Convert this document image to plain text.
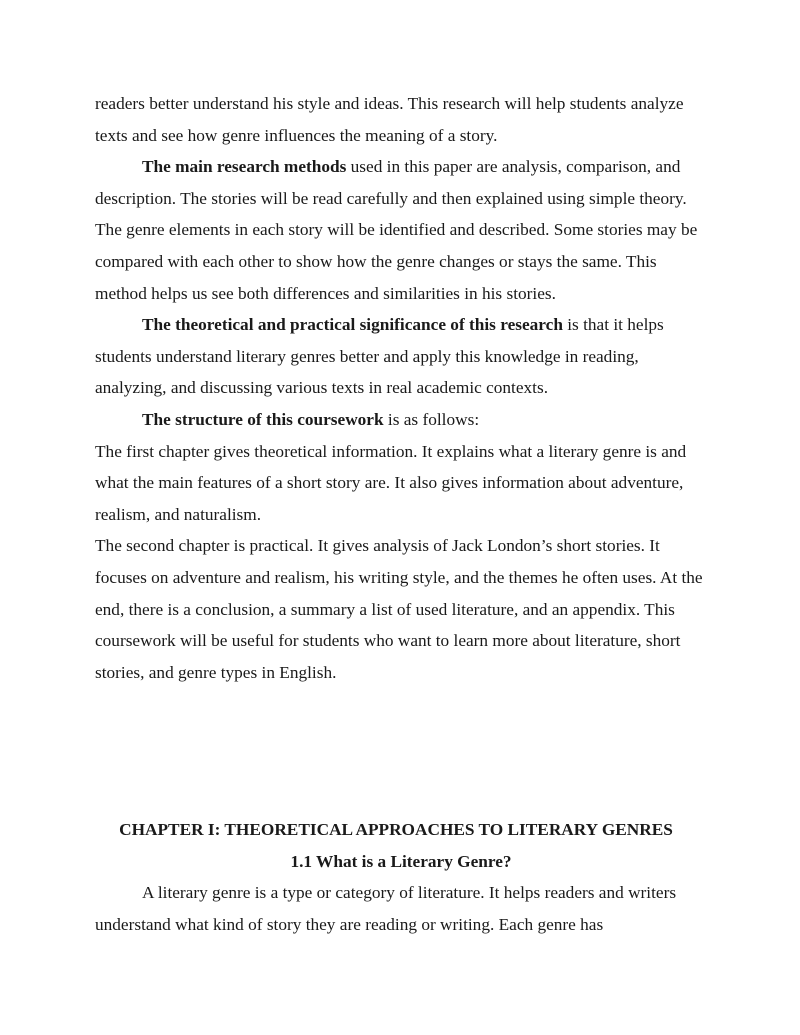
readers better understand his style and ideas. This research will help students analyze texts and see how genre influences the meaning of a story.

The main research methods used in this paper are analysis, comparison, and description. The stories will be read carefully and then explained using simple theory. The genre elements in each story will be identified and described. Some stories may be compared with each other to show how the genre changes or stays the same. This method helps us see both differences and similarities in his stories.

The theoretical and practical significance of this research is that it helps students understand literary genres better and apply this knowledge in reading, analyzing, and discussing various texts in real academic contexts.

The structure of this coursework is as follows:

The first chapter gives theoretical information. It explains what a literary genre is and what the main features of a short story are. It also gives information about adventure, realism, and naturalism.

The second chapter is practical. It gives analysis of Jack London’s short stories. It focuses on adventure and realism, his writing style, and the themes he often uses. At the end, there is a conclusion, a summary a list of used literature, and an appendix. This coursework will be useful for students who want to learn more about literature, short stories, and genre types in English.

CHAPTER I: THEORETICAL APPROACHES TO LITERARY GENRES

1.1 What is a Literary Genre?

A literary genre is a type or category of literature. It helps readers and writers understand what kind of story they are reading or writing. Each genre has
